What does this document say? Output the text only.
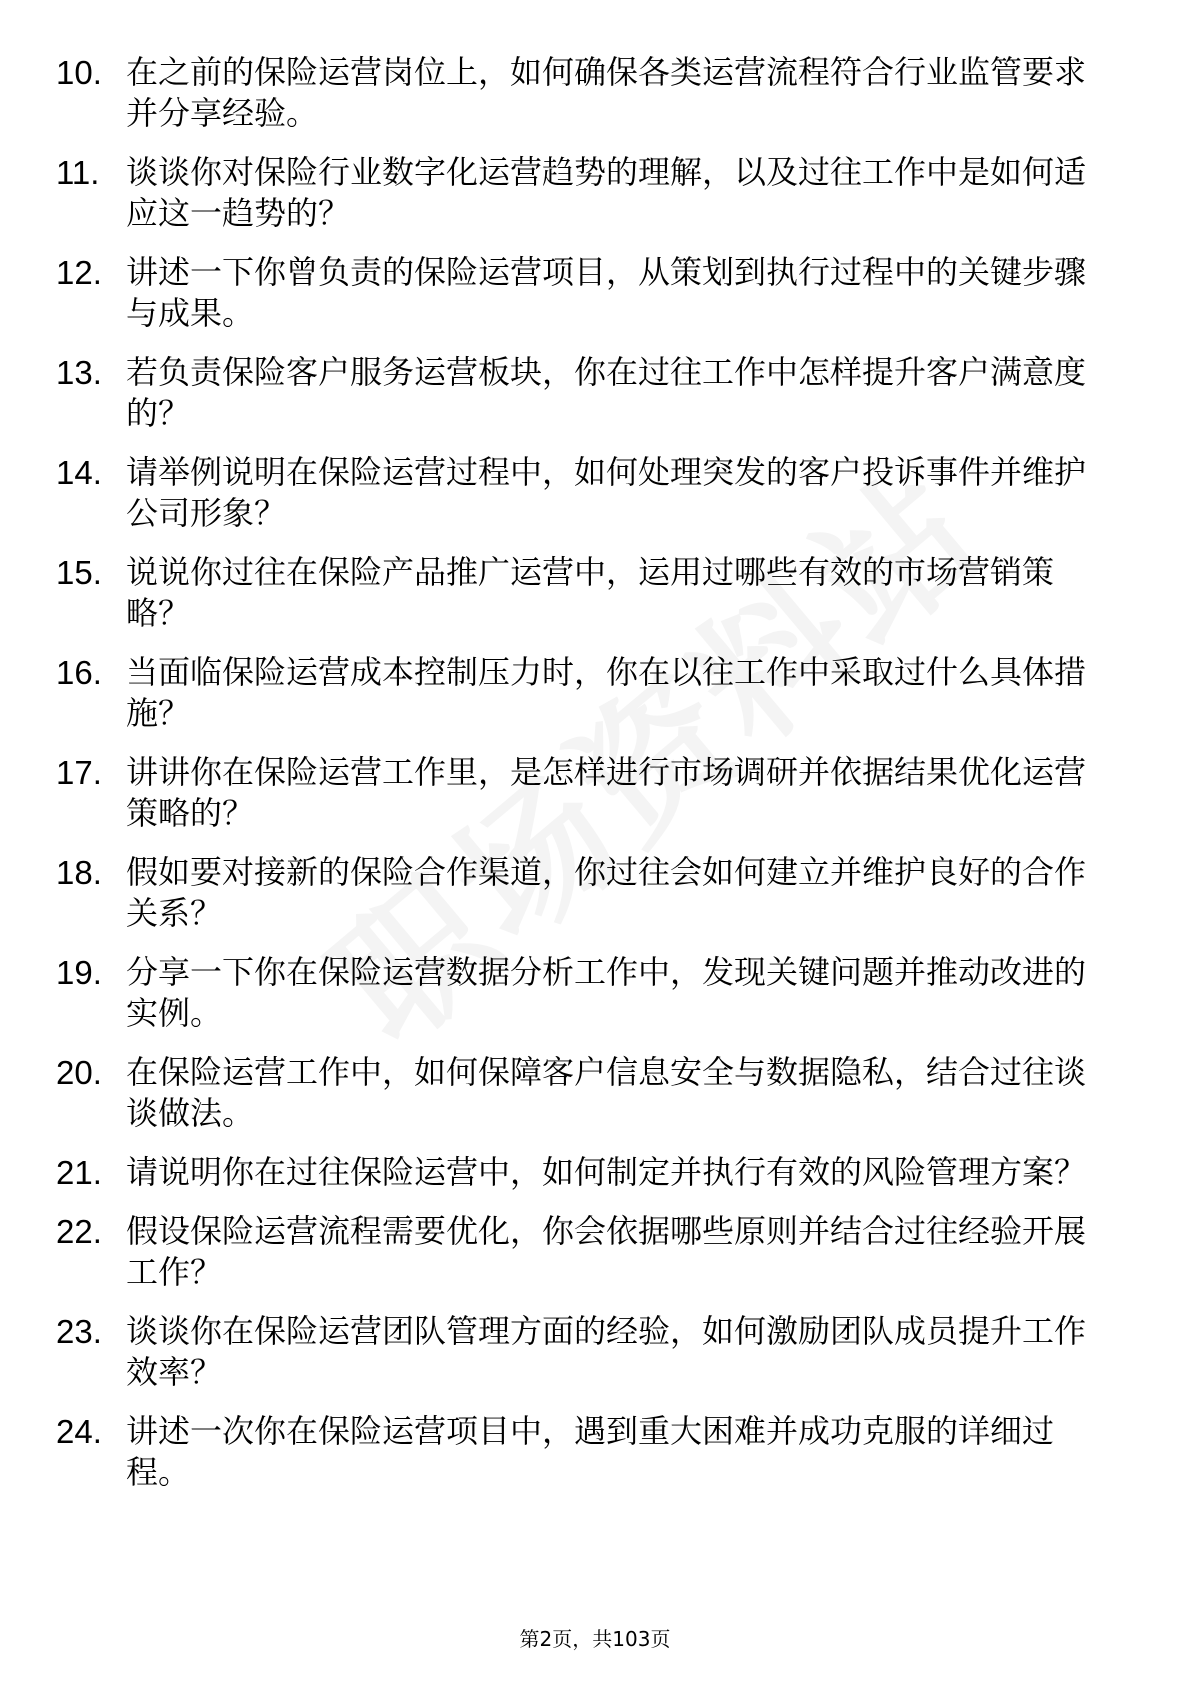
10. 在之前的保险运营岗位上，如何确保各类运营流程符合行业监管要求并分享经验。
11. 谈谈你对保险行业数字化运营趋势的理解，以及过往工作中是如何适应这一趋势的？
12. 讲述一下你曾负责的保险运营项目，从策划到执行过程中的关键步骤与成果。
13. 若负责保险客户服务运营板块，你在过往工作中怎样提升客户满意度的？
14. 请举例说明在保险运营过程中，如何处理突发的客户投诉事件并维护公司形象？
15. 说说你过往在保险产品推广运营中，运用过哪些有效的市场营销策略？
16. 当面临保险运营成本控制压力时，你在以往工作中采取过什么具体措施？
17. 讲讲你在保险运营工作里，是怎样进行市场调研并依据结果优化运营策略的？
18. 假如要对接新的保险合作渠道，你过往会如何建立并维护良好的合作关系？
19. 分享一下你在保险运营数据分析工作中，发现关键问题并推动改进的实例。
20. 在保险运营工作中，如何保障客户信息安全与数据隐私，结合过往谈谈做法。
21. 请说明你在过往保险运营中，如何制定并执行有效的风险管理方案？
22. 假设保险运营流程需要优化，你会依据哪些原则并结合过往经验开展工作？
23. 谈谈你在保险运营团队管理方面的经验，如何激励团队成员提升工作效率？
24. 讲述一次你在保险运营项目中，遇到重大困难并成功克服的详细过程。
第2页，共103页
